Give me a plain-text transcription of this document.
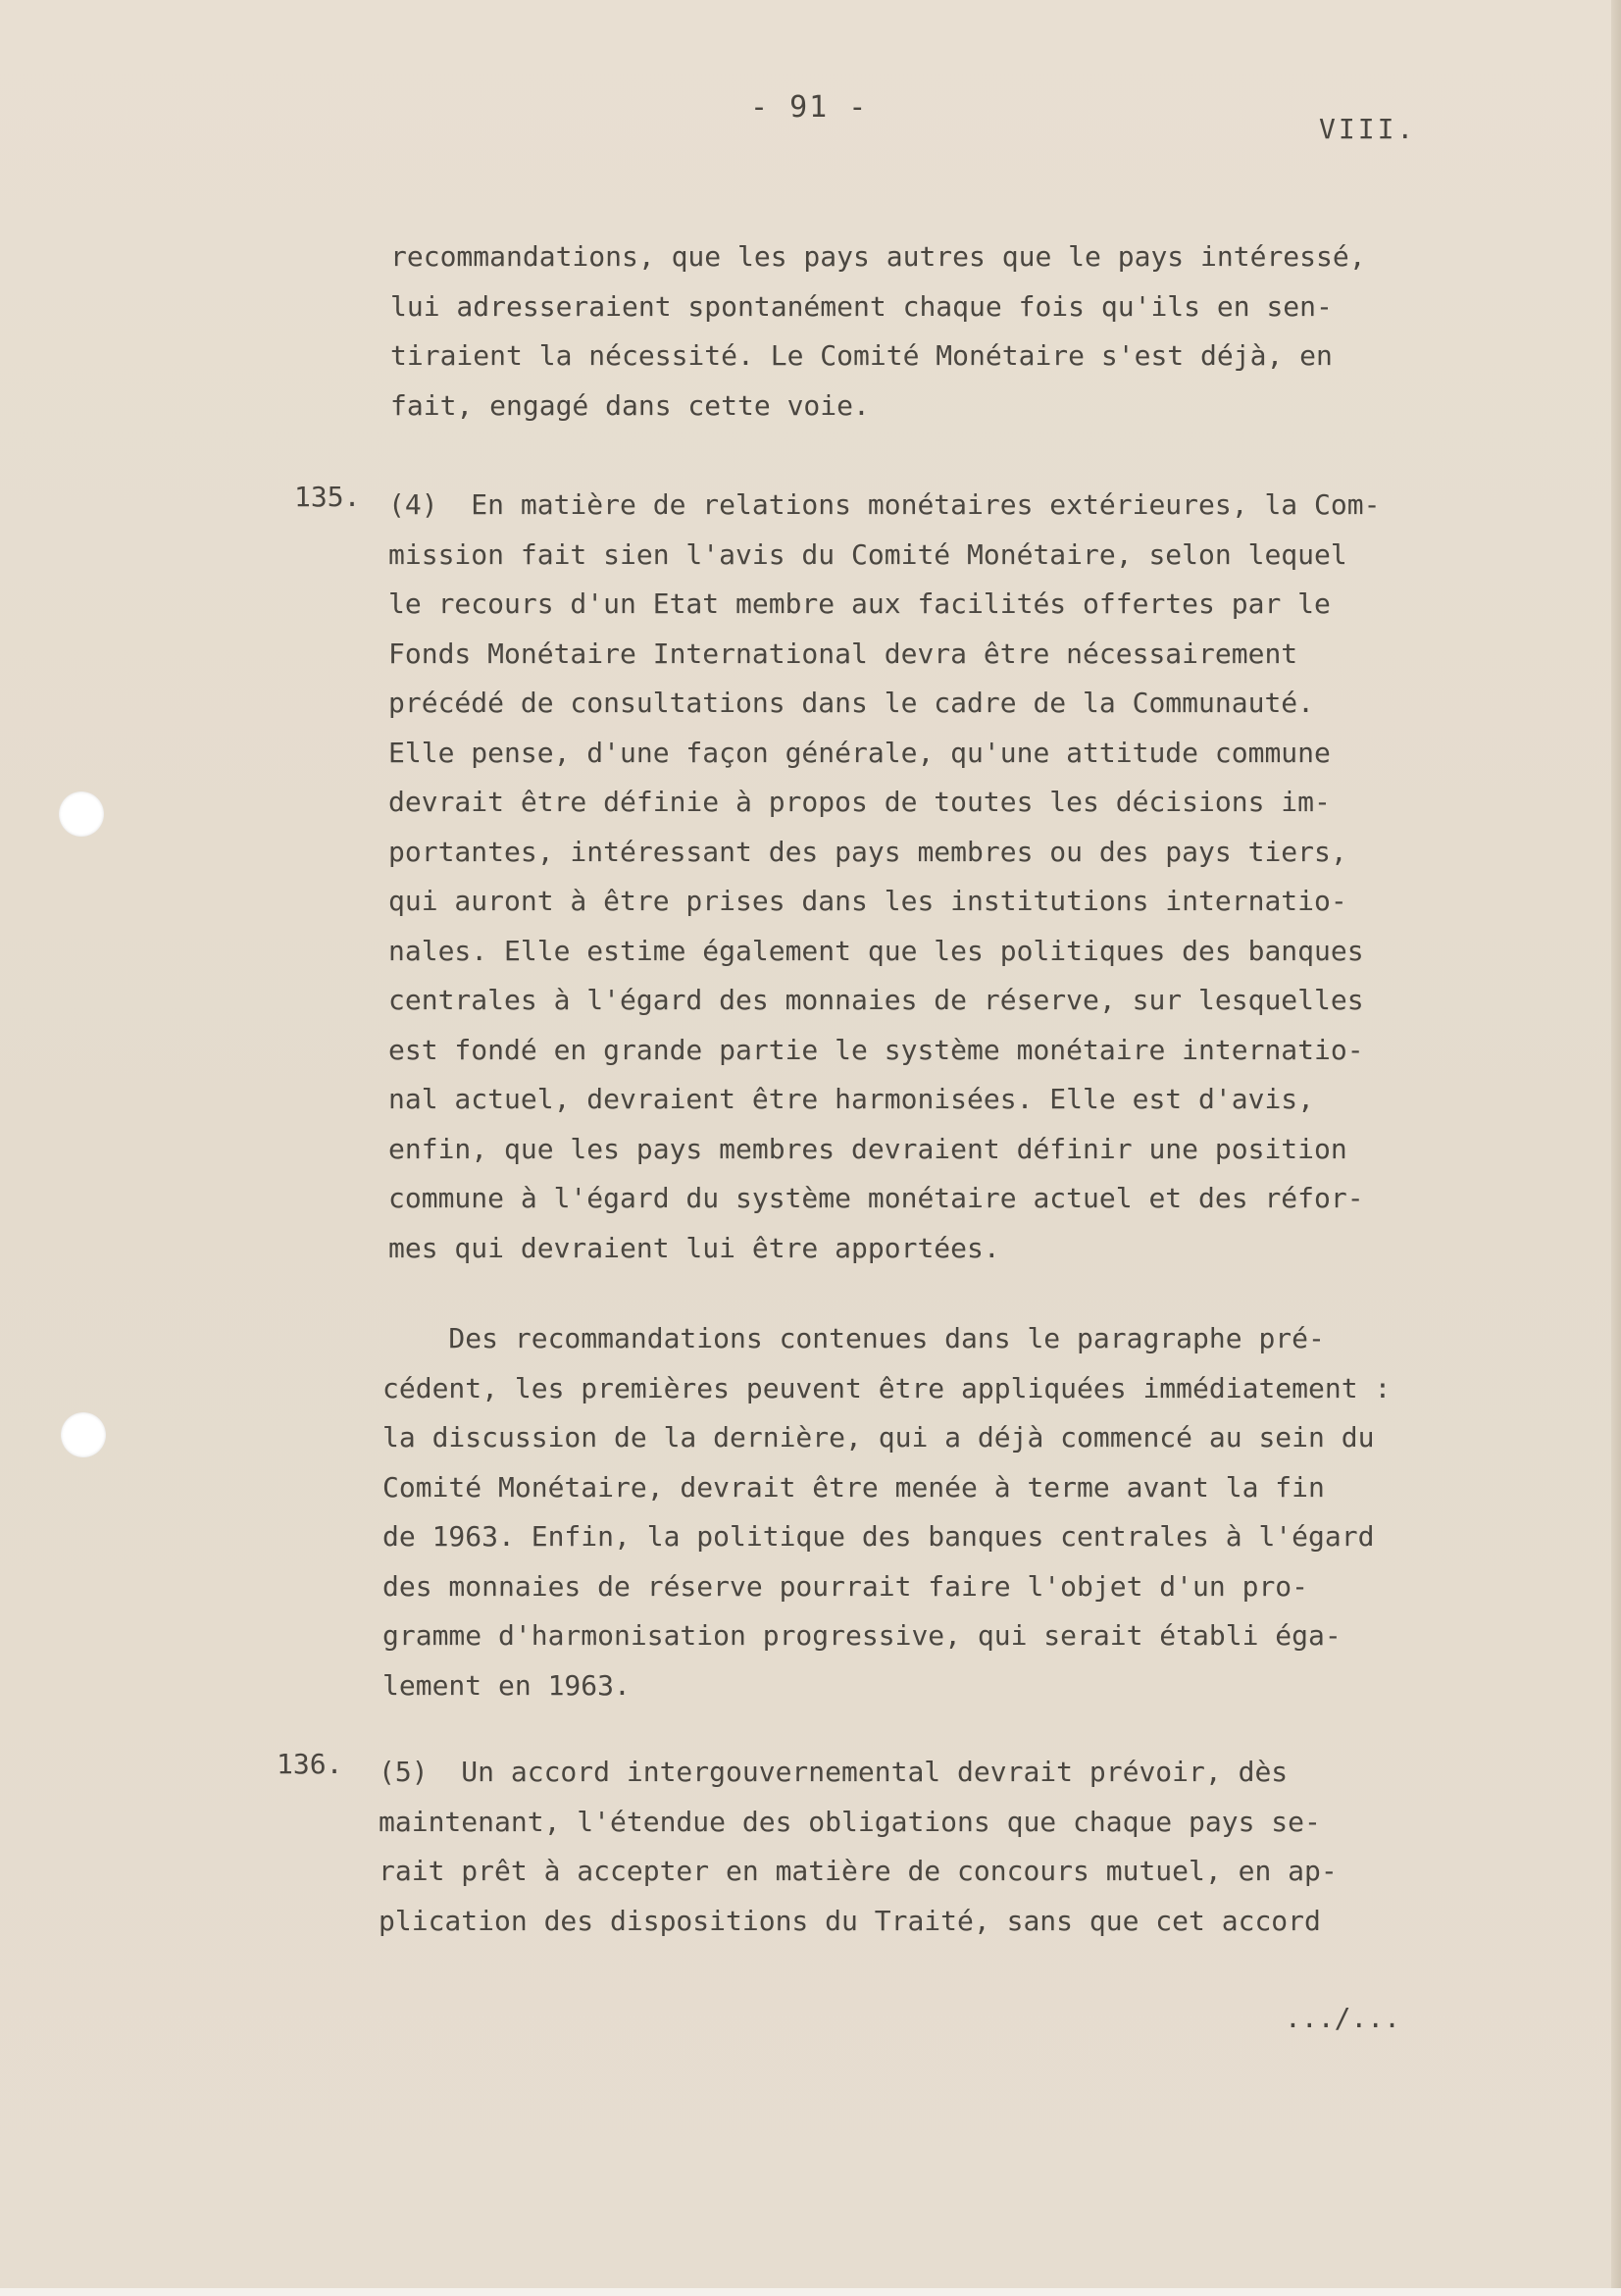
- 91 -
VIII.
recommandations, que les pays autres que le pays intéressé,
lui adresseraient spontanément chaque fois qu'ils en sen-
tiraient la nécessité. Le Comité Monétaire s'est déjà, en
fait, engagé dans cette voie.
135. (4)  En matière de relations monétaires extérieures, la Com-
mission fait sien l'avis du Comité Monétaire, selon lequel
le recours d'un Etat membre aux facilités offertes par le
Fonds Monétaire International devra être nécessairement
précédé de consultations dans le cadre de la Communauté.
Elle pense, d'une façon générale, qu'une attitude commune
devrait être définie à propos de toutes les décisions im-
portantes, intéressant des pays membres ou des pays tiers,
qui auront à être prises dans les institutions internatio-
nales. Elle estime également que les politiques des banques
centrales à l'égard des monnaies de réserve, sur lesquelles
est fondé en grande partie le système monétaire internatio-
nal actuel, devraient être harmonisées. Elle est d'avis,
enfin, que les pays membres devraient définir une position
commune à l'égard du système monétaire actuel et des réfor-
mes qui devraient lui être apportées.
Des recommandations contenues dans le paragraphe pré-
cédent, les premières peuvent être appliquées immédiatement :
la discussion de la dernière, qui a déjà commencé au sein du
Comité Monétaire, devrait être menée à terme avant la fin
de 1963. Enfin, la politique des banques centrales à l'égard
des monnaies de réserve pourrait faire l'objet d'un pro-
gramme d'harmonisation progressive, qui serait établi éga-
lement en 1963.
136. (5)  Un accord intergouvernemental devrait prévoir, dès
maintenant, l'étendue des obligations que chaque pays se-
rait prêt à accepter en matière de concours mutuel, en ap-
plication des dispositions du Traité, sans que cet accord
.../...
